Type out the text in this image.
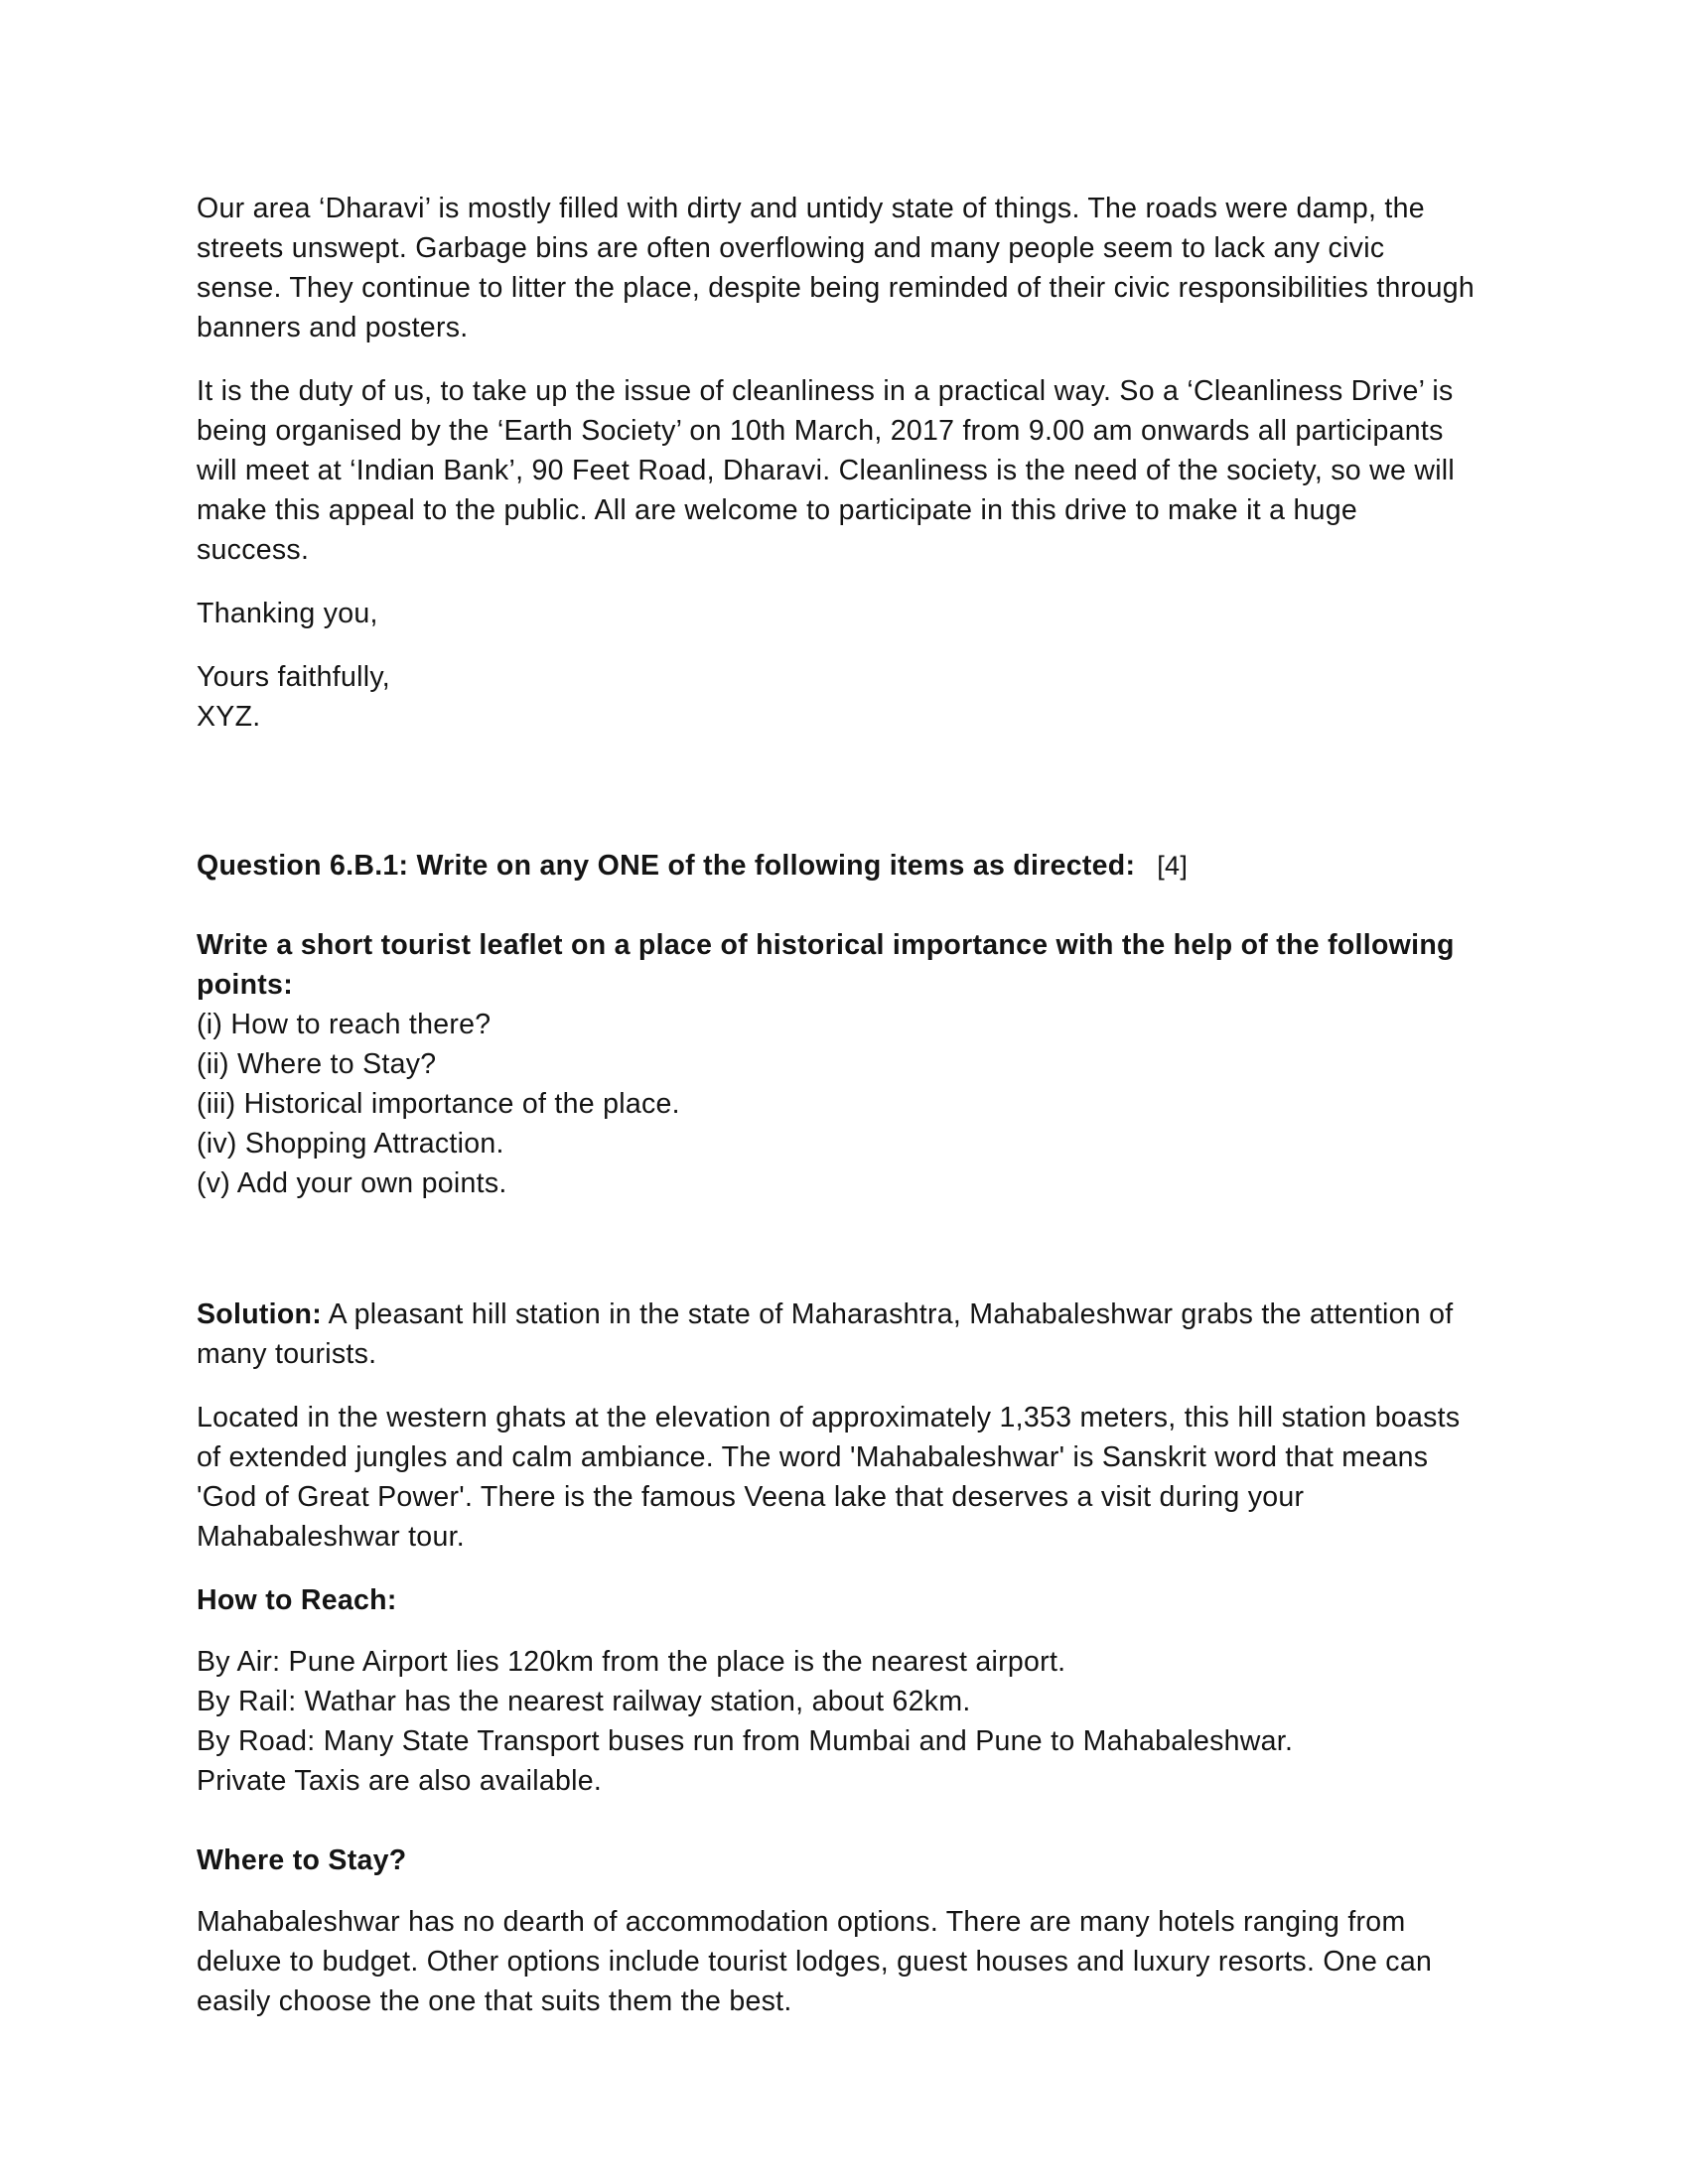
Our area ‘Dharavi’ is mostly filled with dirty and untidy state of things. The roads were damp, the streets unswept. Garbage bins are often overflowing and many people seem to lack any civic sense. They continue to litter the place, despite being reminded of their civic responsibilities through banners and posters.

It is the duty of us, to take up the issue of cleanliness in a practical way. So a ‘Cleanliness Drive’ is being organised by the ‘Earth Society’ on 10th March, 2017 from 9.00 am onwards all participants will meet at ‘Indian Bank’, 90 Feet Road, Dharavi. Cleanliness is the need of the society, so we will make this appeal to the public. All are welcome to participate in this drive to make it a huge success.

Thanking you,

Yours faithfully,

XYZ.

Question 6.B.1: Write on any ONE of the following items as directed: [4]

Write a short tourist leaflet on a place of historical importance with the help of the following points:

(i) How to reach there?

(ii) Where to Stay?

(iii) Historical importance of the place.

(iv) Shopping Attraction.

(v) Add your own points.

Solution: A pleasant hill station in the state of Maharashtra, Mahabaleshwar grabs the attention of many tourists.

Located in the western ghats at the elevation of approximately 1,353 meters, this hill station boasts of extended jungles and calm ambiance. The word 'Mahabaleshwar' is Sanskrit word that means 'God of Great Power'. There is the famous Veena lake that deserves a visit during your Mahabaleshwar tour.

How to Reach:

By Air: Pune Airport lies 120km from the place is the nearest airport.

By Rail: Wathar has the nearest railway station, about 62km.

By Road: Many State Transport buses run from Mumbai and Pune to Mahabaleshwar.

Private Taxis are also available.

Where to Stay?

Mahabaleshwar has no dearth of accommodation options. There are many hotels ranging from deluxe to budget. Other options include tourist lodges, guest houses and luxury resorts. One can easily choose the one that suits them the best.
